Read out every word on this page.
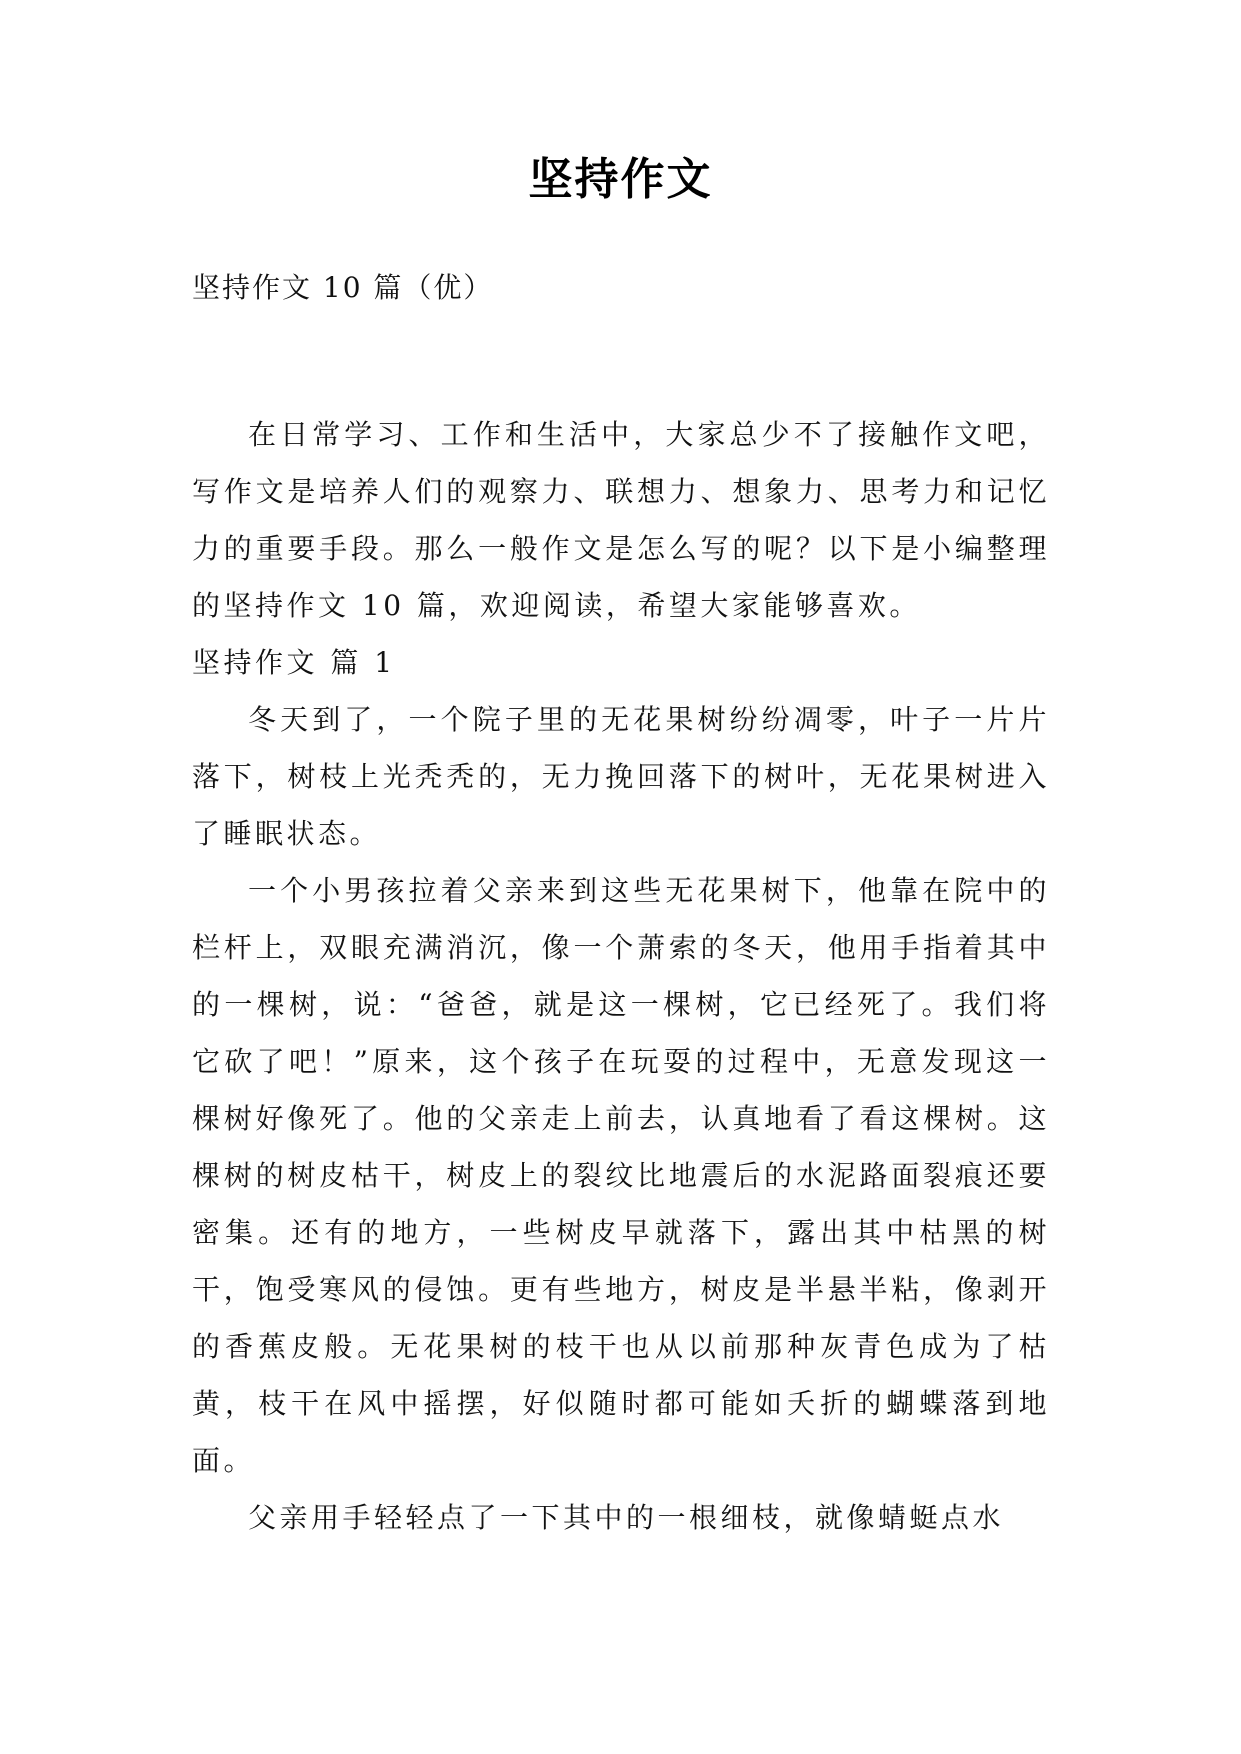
坚持作文
坚持作文 10 篇（优）

在日常学习、工作和生活中，大家总少不了接触作文吧，写作文是培养人们的观察力、联想力、想象力、思考力和记忆力的重要手段。那么一般作文是怎么写的呢？以下是小编整理的坚持作文 10 篇，欢迎阅读，希望大家能够喜欢。

坚持作文 篇 1

冬天到了，一个院子里的无花果树纷纷凋零，叶子一片片落下，树枝上光秃秃的，无力挽回落下的树叶，无花果树进入了睡眠状态。

一个小男孩拉着父亲来到这些无花果树下，他靠在院中的栏杆上，双眼充满消沉，像一个萧索的冬天，他用手指着其中的一棵树，说：“爸爸，就是这一棵树，它已经死了。我们将它砍了吧！”原来，这个孩子在玩耍的过程中，无意发现这一棵树好像死了。他的父亲走上前去，认真地看了看这棵树。这棵树的树皮枯干，树皮上的裂纹比地震后的水泥路面裂痕还要密集。还有的地方，一些树皮早就落下，露出其中枯黑的树干，饱受寒风的侵蚀。更有些地方，树皮是半悬半粘，像剥开的香蕉皮般。无花果树的枝干也从以前那种灰青色成为了枯黄，枝干在风中摇摆，好似随时都可能如夭折的蝴蝶落到地面。

父亲用手轻轻点了一下其中的一根细枝，就像蜻蜓点水
